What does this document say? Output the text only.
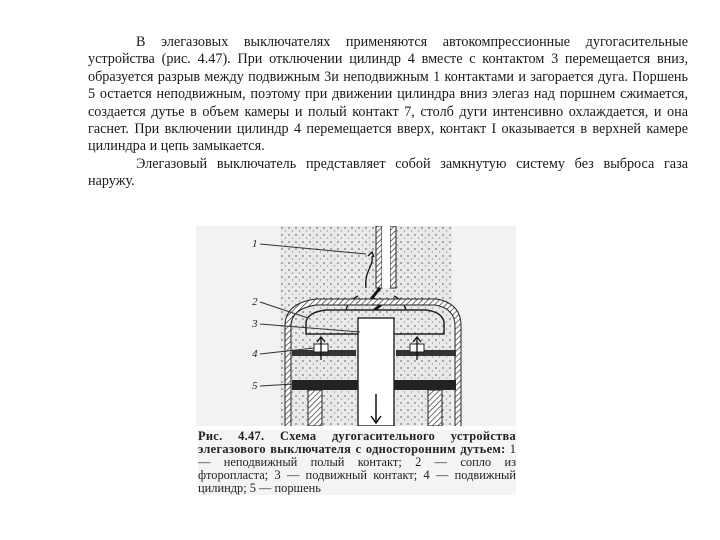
В элегазовых выключателях применяются автокомпрессионные дугогасительные устройства (рис. 4.47). При отключении цилиндр 4 вместе с контактом 3 перемещается вниз, образуется разрыв между подвижным 3и неподвижным 1 контактами и загорается дуга. Поршень 5 остается неподвижным, поэтому при движении цилиндра вниз элегаз над поршнем сжимается, создается дутье в объем камеры и полый контакт 7, столб дуги интенсивно охлаждается, и она гаснет. При включении цилиндр 4 перемещается вверх, контакт I оказывается в верхней камере цилиндра и цепь замыкается.

Элегазовый выключатель представляет собой замкнутую систему без выброса газа наружу.

1
2
3
4
5
Рис. 4.47. Схема дугогасительного устройства элегазового выключателя с односторонним дутьем: 1 — неподвижный полый контакт; 2 — сопло из фторопласта; 3 — подвижный контакт; 4 — подвижный цилиндр; 5 — поршень
